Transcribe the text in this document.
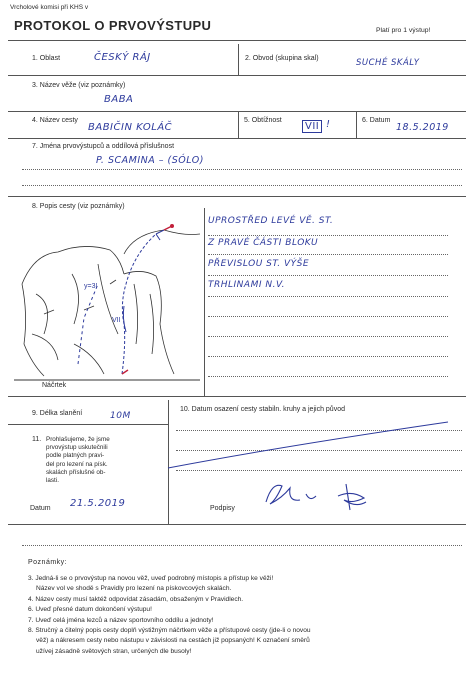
Vrcholové komisi při KHS v
PROTOKOL O PRVOVÝSTUPU	Platí pro 1 výstup!
1. Oblast	ČESKÝ RÁJ	2. Obvod (skupina skal)	SUCHÉ SKÁLY
3. Název věže (viz poznámky)
BABA
4. Název cesty
BABIČIN KOLÁČ
5. Obtížnost
VII !	6. Datum
18.5.2019
7. Jména prvovýstupců a oddílová příslušnost
P. SCAMINA – (SÓLO)
8. Popis cesty (viz poznámky)
UPROSTŘED LEVÉ VĚ. ST.
Z PRAVÉ ČÁSTI BLOKU
PŘEVISLOU ST. VÝŠE
TRHLINAMI N.V.
y=3!
VII
Náčrtek
9. Délka slanění	10M
10. Datum osazení cesty stabiln. kruhy a jejich původ
11. Prohlašujeme, že jsme
prvovýstup uskutečnili
podle platných pravi-
del pro lezení na písk.
skalách příslušné ob-
lasti.
Datum 21.5.2019	Podpisy
Poznámky:
3. Jedná-li se o prvovýstup na novou věž, uveď podrobný místopis a přístup ke věži!
Název vol ve shodě s Pravidly pro lezení na pískovcových skalách.
4. Název cesty musí taktéž odpovídat zásadám, obsaženým v Pravidlech.
6. Uveď přesné datum dokončení výstupu!
7. Uveď celá jména lezců a název sportovního oddílu a jednoty!
8. Stručný a čitelný popis cesty doplň výstižným náčrtkem věže a přístupové cesty (jde-li o novou
věž) a nákresem cesty nebo nástupu v závislosti na cestách již popsaných! K označení směrů
užívej zásadně světových stran, určených dle busoly!
